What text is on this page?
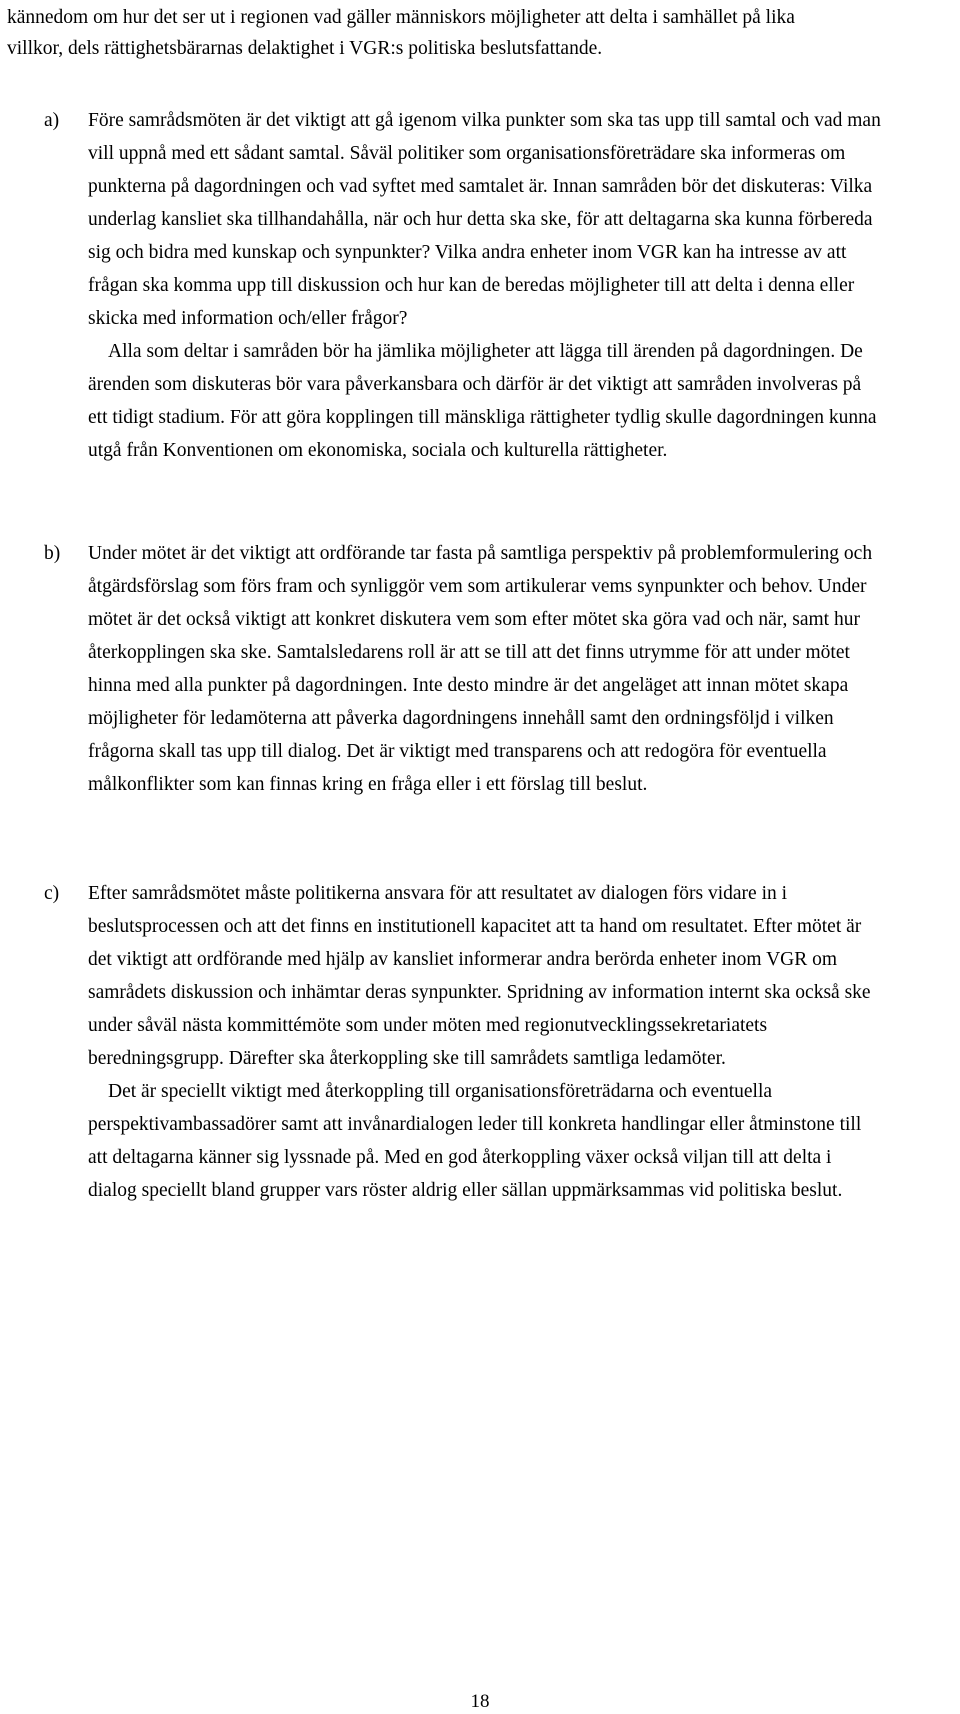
kännedom om hur det ser ut i regionen vad gäller människors möjligheter att delta i samhället på lika villkor, dels rättighetsbärarnas delaktighet i VGR:s politiska beslutsfattande.

a) Före samrådsmöten är det viktigt att gå igenom vilka punkter som ska tas upp till samtal och vad man vill uppnå med ett sådant samtal. Såväl politiker som organisationsföreträdare ska informeras om punkterna på dagordningen och vad syftet med samtalet är. Innan samråden bör det diskuteras: Vilka underlag kansliet ska tillhandahålla, när och hur detta ska ske, för att deltagarna ska kunna förbereda sig och bidra med kunskap och synpunkter? Vilka andra enheter inom VGR kan ha intresse av att frågan ska komma upp till diskussion och hur kan de beredas möjligheter till att delta i denna eller skicka med information och/eller frågor?

Alla som deltar i samråden bör ha jämlika möjligheter att lägga till ärenden på dagordningen. De ärenden som diskuteras bör vara påverkansbara och därför är det viktigt att samråden involveras på ett tidigt stadium. För att göra kopplingen till mänskliga rättigheter tydlig skulle dagordningen kunna utgå från Konventionen om ekonomiska, sociala och kulturella rättigheter.

b) Under mötet är det viktigt att ordförande tar fasta på samtliga perspektiv på problemformulering och åtgärdsförslag som förs fram och synliggör vem som artikulerar vems synpunkter och behov. Under mötet är det också viktigt att konkret diskutera vem som efter mötet ska göra vad och när, samt hur återkopplingen ska ske. Samtalsledarens roll är att se till att det finns utrymme för att under mötet hinna med alla punkter på dagordningen. Inte desto mindre är det angeläget att innan mötet skapa möjligheter för ledamöterna att påverka dagordningens innehåll samt den ordningsföljd i vilken frågorna skall tas upp till dialog. Det är viktigt med transparens och att redogöra för eventuella målkonflikter som kan finnas kring en fråga eller i ett förslag till beslut.

c) Efter samrådsmötet måste politikerna ansvara för att resultatet av dialogen förs vidare in i beslutsprocessen och att det finns en institutionell kapacitet att ta hand om resultatet. Efter mötet är det viktigt att ordförande med hjälp av kansliet informerar andra berörda enheter inom VGR om samrådets diskussion och inhämtar deras synpunkter. Spridning av information internt ska också ske under såväl nästa kommittémöte som under möten med regionutvecklingssekretariatets beredningsgrupp. Därefter ska återkoppling ske till samrådets samtliga ledamöter.

Det är speciellt viktigt med återkoppling till organisationsföreträdarna och eventuella perspektivambassadörer samt att invånardialogen leder till konkreta handlingar eller åtminstone till att deltagarna känner sig lyssnade på. Med en god återkoppling växer också viljan till att delta i dialog speciellt bland grupper vars röster aldrig eller sällan uppmärksammas vid politiska beslut.

18
